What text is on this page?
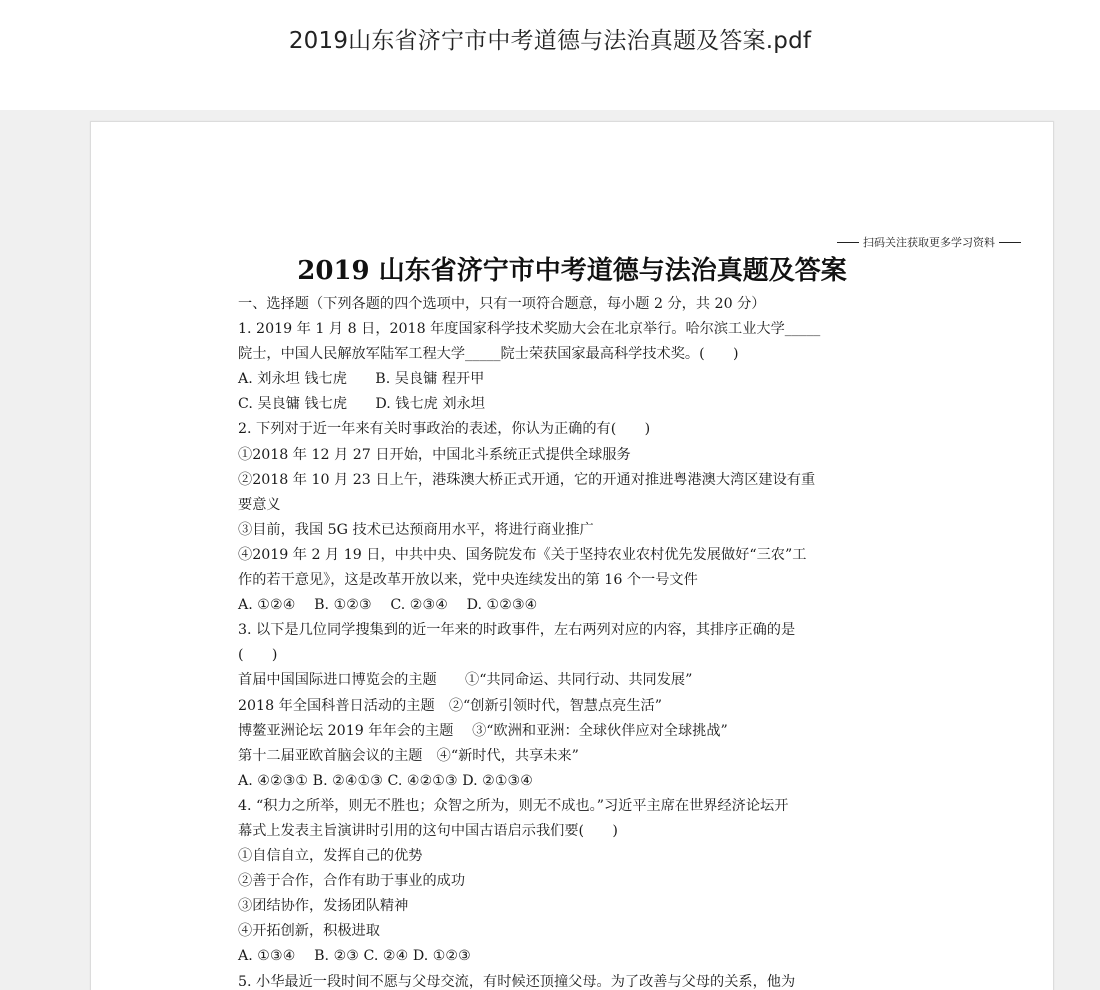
2019山东省济宁市中考道德与法治真题及答案.pdf
扫码关注获取更多学习资料
2019 山东省济宁市中考道德与法治真题及答案
一、选择题（下列各题的四个选项中，只有一项符合题意，每小题 2 分，共 20 分）
1. 2019 年 1 月 8 日，2018 年度国家科学技术奖励大会在北京举行。哈尔滨工业大学_____
院士，中国人民解放军陆军工程大学_____院士荣获国家最高科学技术奖。(　　)
A. 刘永坦 钱七虎　　B. 吴良镛 程开甲
C. 吴良镛 钱七虎　　D. 钱七虎 刘永坦
2. 下列对于近一年来有关时事政治的表述，你认为正确的有(　　)
①2018 年 12 月 27 日开始，中国北斗系统正式提供全球服务
②2018 年 10 月 23 日上午，港珠澳大桥正式开通，它的开通对推进粤港澳大湾区建设有重
要意义
③目前，我国 5G 技术已达预商用水平，将进行商业推广
④2019 年 2 月 19 日，中共中央、国务院发布《关于坚持农业农村优先发展做好“三农”工
作的若干意见》，这是改革开放以来，党中央连续发出的第 16 个一号文件
A. ①②④　 B. ①②③　 C. ②③④　 D. ①②③④
3. 以下是几位同学搜集到的近一年来的时政事件，左右两列对应的内容，其排序正确的是
(　　)
首届中国国际进口博览会的主题　　①“共同命运、共同行动、共同发展”
2018 年全国科普日活动的主题　②“创新引领时代，智慧点亮生活”
博鳌亚洲论坛 2019 年年会的主题　 ③“欧洲和亚洲：全球伙伴应对全球挑战”
第十二届亚欧首脑会议的主题　④“新时代，共享未来”
A. ④②③① B. ②④①③ C. ④②①③ D. ②①③④
4. “积力之所举，则无不胜也；众智之所为，则无不成也。”习近平主席在世界经济论坛开
幕式上发表主旨演讲时引用的这句中国古语启示我们要(　　)
①自信自立，发挥自己的优势
②善于合作，合作有助于事业的成功
③团结协作，发扬团队精神
④开拓创新，积极进取
A. ①③④　 B. ②③ C. ②④ D. ①②③
5. 小华最近一段时间不愿与父母交流，有时候还顶撞父母。为了改善与父母的关系，他为
